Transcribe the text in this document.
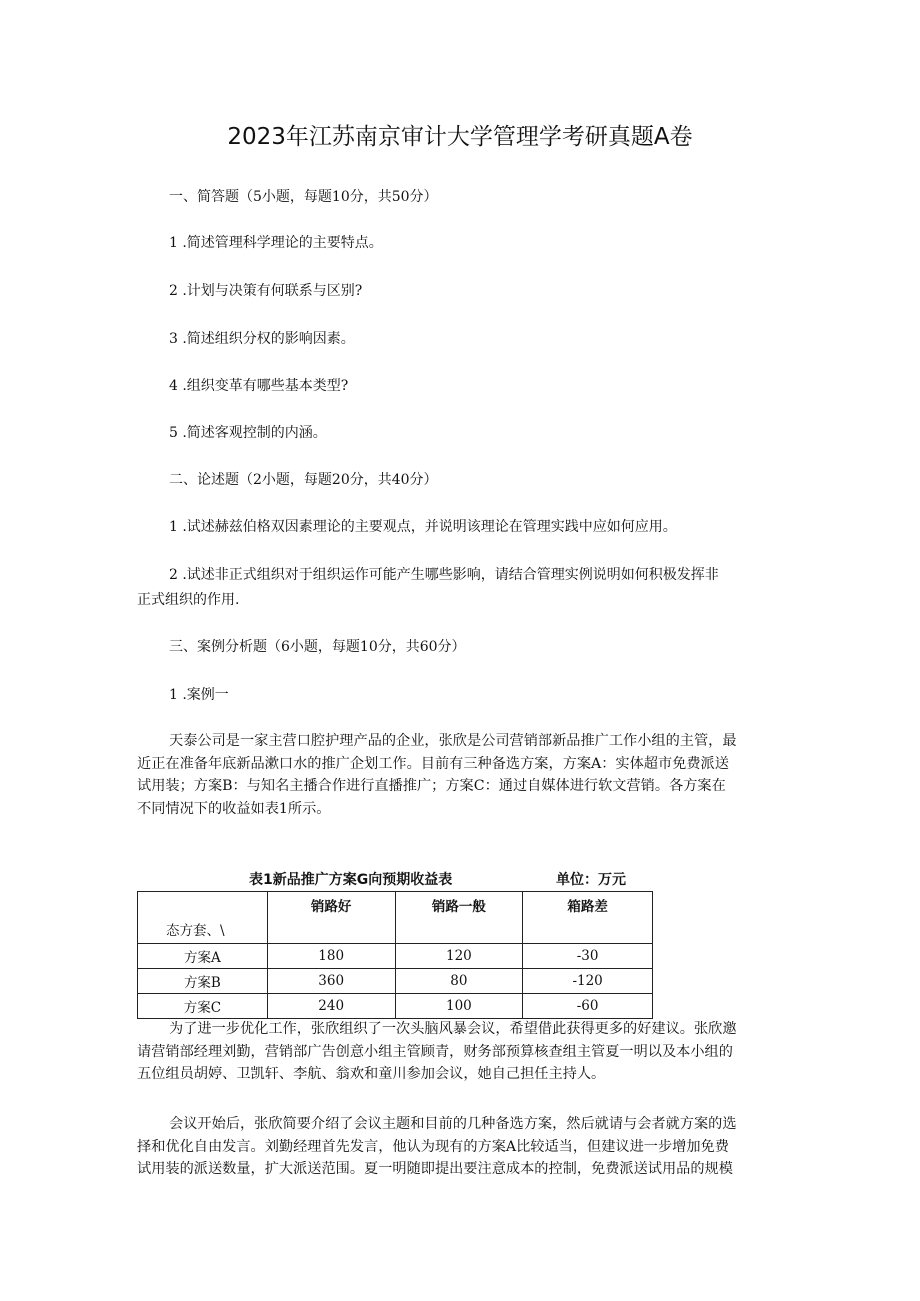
2023年江苏南京审计大学管理学考研真题A卷
一、简答题（5小题，每题10分，共50分）
1 .简述管理科学理论的主要特点。
2 .计划与决策有何联系与区别?
3 .简述组织分权的影响因素。
4 .组织变革有哪些基本类型?
5 .简述客观控制的内涵。
二、论述题（2小题，每题20分，共40分）
1 .试述赫兹伯格双因素理论的主要观点，并说明该理论在管理实践中应如何应用。
2 .试述非正式组织对于组织运作可能产生哪些影响，请结合管理实例说明如何积极发挥非
正式组织的作用.
三、案例分析题（6小题，每题10分，共60分）
1 .案例一
天泰公司是一家主营口腔护理产品的企业，张欣是公司营销部新品推广工作小组的主管，最
近正在准备年底新品漱口水的推广企划工作。目前有三种备选方案，方案A：实体超市免费派送
试用装；方案B：与知名主播合作进行直播推广；方案C：通过自媒体进行软文营销。各方案在
不同情况下的收益如表1所示。
表1新品推广方案G向预期收益表	单位：万元
态方套、\	销路好	销路一般	箱路差
方案A	180	120	-30
方案B	360	80	-120
方案C	240	100	-60
为了进一步优化工作，张欣组织了一次头脑风暴会议，希望借此获得更多的好建议。张欣邀
请营销部经理刘勤，营销部广告创意小组主管顾青，财务部预算核查组主管夏一明以及本小组的
五位组员胡婷、卫凯轩、李航、翁欢和童川参加会议，她自己担任主持人。
会议开始后，张欣简要介绍了会议主题和目前的几种备选方案，然后就请与会者就方案的选
择和优化自由发言。刘勤经理首先发言，他认为现有的方案A比较适当，但建议进一步增加免费
试用装的派送数量，扩大派送范围。夏一明随即提出要注意成本的控制，免费派送试用品的规模
